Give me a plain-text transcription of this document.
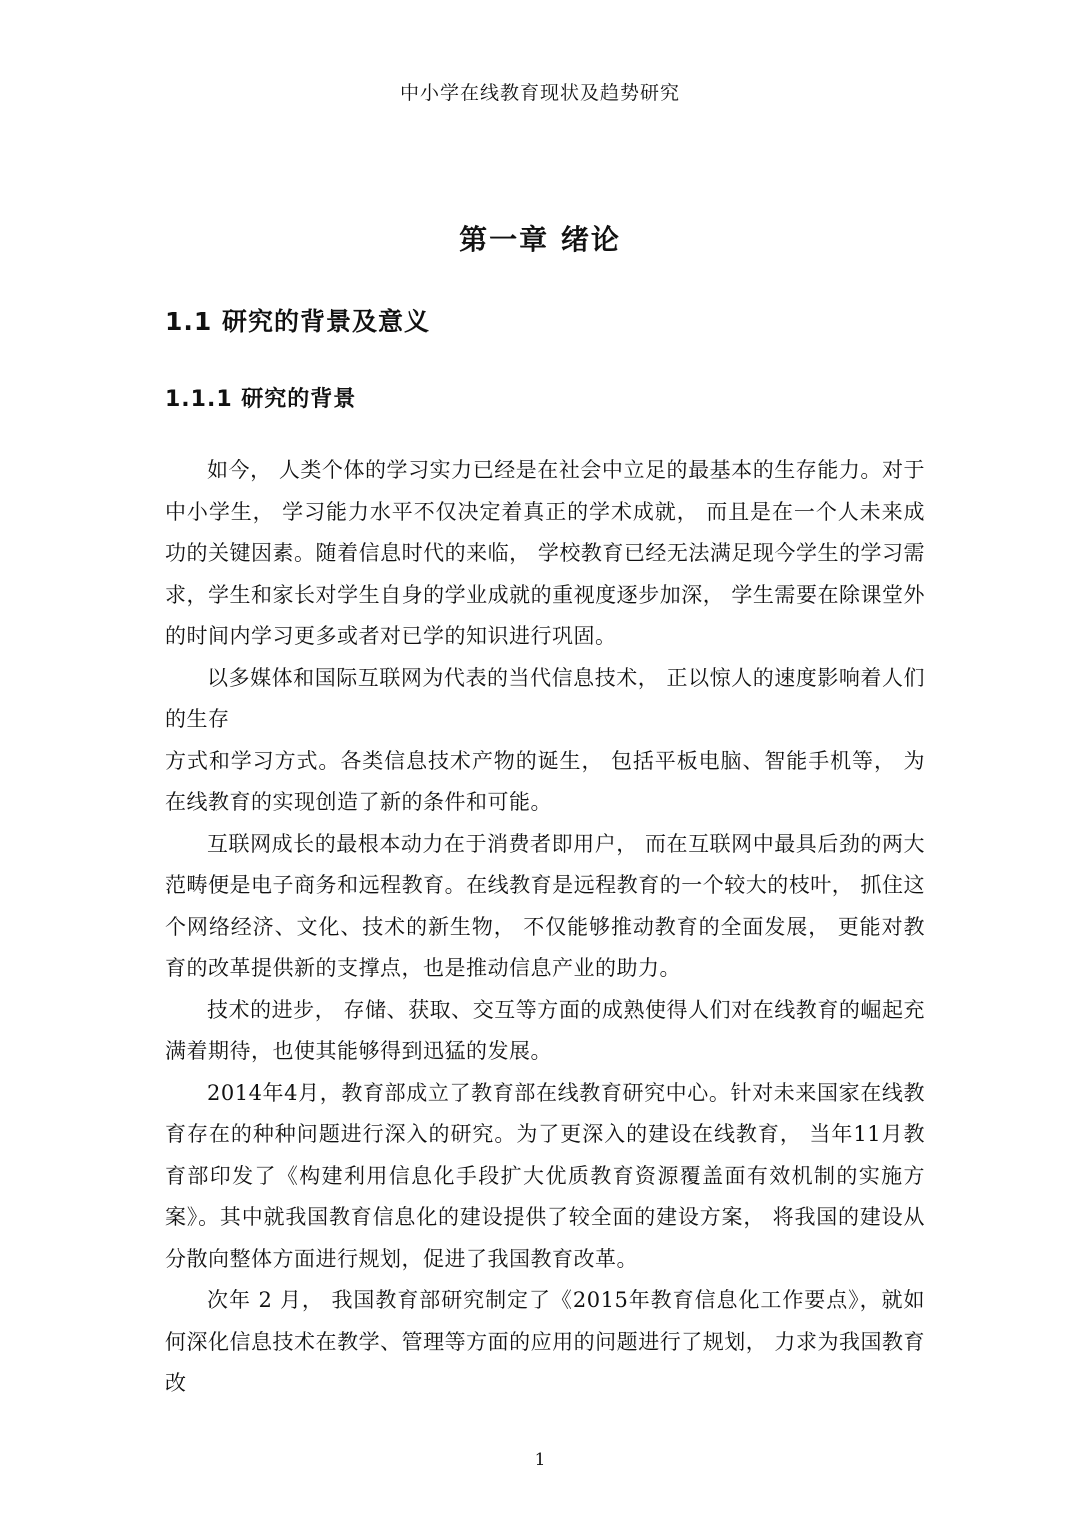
中小学在线教育现状及趋势研究
第一章 绪论
1.1 研究的背景及意义
1.1.1 研究的背景

如今， 人类个体的学习实力已经是在社会中立足的最基本的生存能力。对于中小学生， 学习能力水平不仅决定着真正的学术成就， 而且是在一个人未来成功的关键因素。随着信息时代的来临， 学校教育已经无法满足现今学生的学习需求，学生和家长对学生自身的学业成就的重视度逐步加深， 学生需要在除课堂外的时间内学习更多或者对已学的知识进行巩固。

以多媒体和国际互联网为代表的当代信息技术， 正以惊人的速度影响着人们的生存

方式和学习方式。各类信息技术产物的诞生， 包括平板电脑、智能手机等， 为在线教育的实现创造了新的条件和可能。

互联网成长的最根本动力在于消费者即用户， 而在互联网中最具后劲的两大范畴便是电子商务和远程教育。在线教育是远程教育的一个较大的枝叶， 抓住这个网络经济、文化、技术的新生物， 不仅能够推动教育的全面发展， 更能对教育的改革提供新的支撑点，也是推动信息产业的助力。

技术的进步， 存储、获取、交互等方面的成熟使得人们对在线教育的崛起充满着期待，也使其能够得到迅猛的发展。

2014年4月，教育部成立了教育部在线教育研究中心。针对未来国家在线教育存在的种种问题进行深入的研究。为了更深入的建设在线教育， 当年11月教育部印发了《构建利用信息化手段扩大优质教育资源覆盖面有效机制的实施方案》。其中就我国教育信息化的建设提供了较全面的建设方案， 将我国的建设从分散向整体方面进行规划，促进了我国教育改革。

次年 2 月， 我国教育部研究制定了《2015年教育信息化工作要点》，就如何深化信息技术在教学、管理等方面的应用的问题进行了规划， 力求为我国教育改

1
